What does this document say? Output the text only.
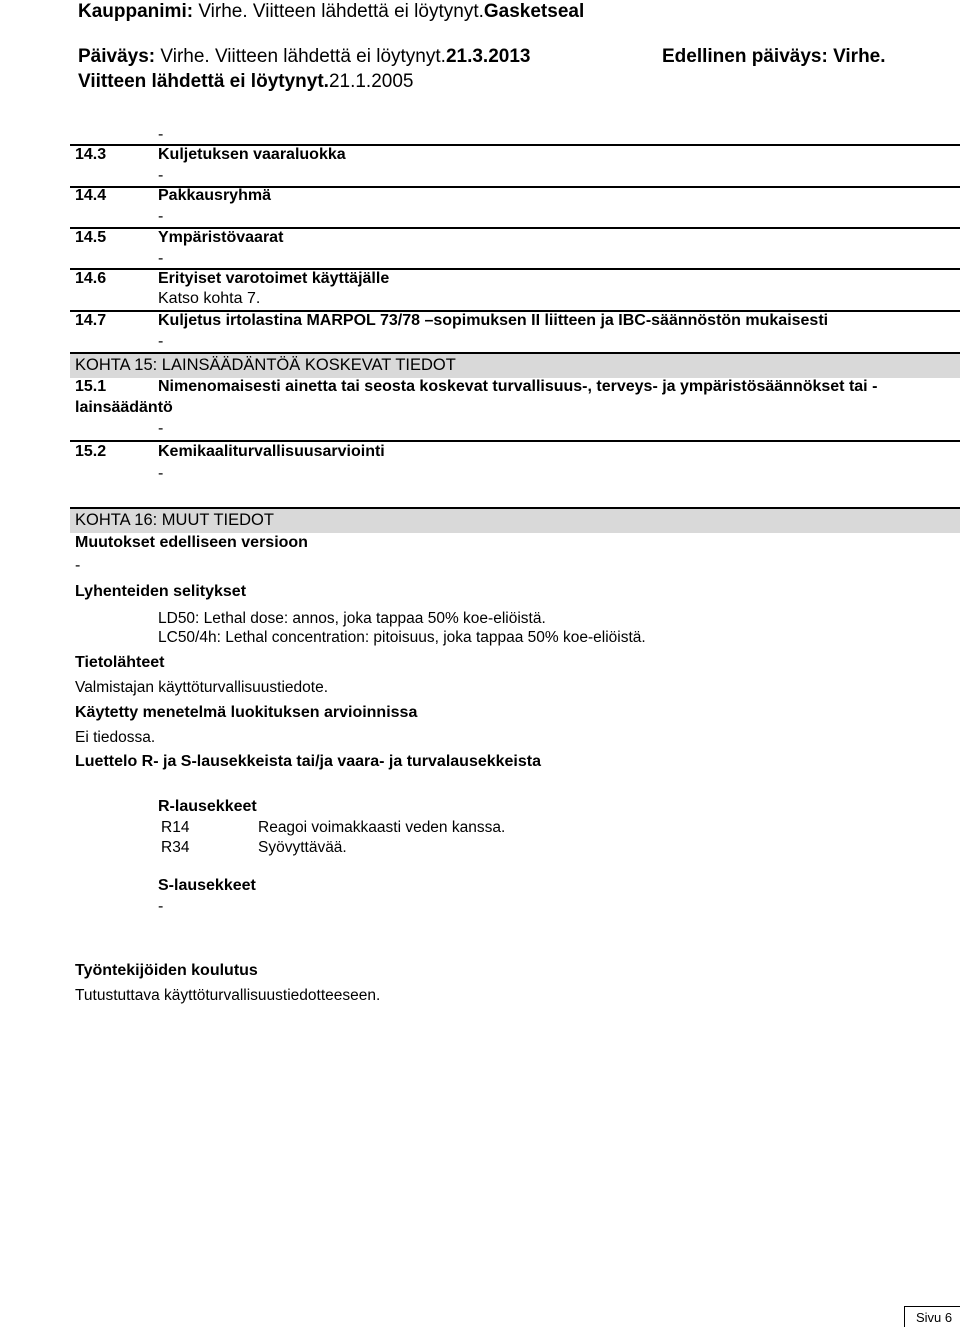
Kauppanimi: Virhe. Viitteen lähdettä ei löytynyt.Gasketseal
Päiväys: Virhe. Viitteen lähdettä ei löytynyt.21.3.2013	Edellinen päiväys: Virhe.
Viitteen lähdettä ei löytynyt.21.1.2005
-
14.3	Kuljetuksen vaaraluokka
-
14.4	Pakkausryhmä
-
14.5	Ympäristövaarat
-
14.6	Erityiset varotoimet käyttäjälle
Katso kohta 7.
14.7	Kuljetus irtolastina MARPOL 73/78 –sopimuksen II liitteen ja IBC-säännöstön mukaisesti
-
KOHTA 15: LAINSÄÄDÄNTÖÄ KOSKEVAT TIEDOT
15.1	Nimenomaisesti ainetta tai seosta koskevat turvallisuus-, terveys- ja ympäristösäännökset tai -
lainsäädäntö
-
15.2	Kemikaaliturvallisuusarviointi
-
KOHTA 16: MUUT TIEDOT
Muutokset edelliseen versioon
-
Lyhenteiden selitykset
LD50: Lethal dose: annos, joka tappaa 50% koe-eliöistä.
LC50/4h: Lethal concentration: pitoisuus, joka tappaa 50% koe-eliöistä.
Tietolähteet
Valmistajan käyttöturvallisuustiedote.
Käytetty menetelmä luokituksen arvioinnissa
Ei tiedossa.
Luettelo R- ja S-lausekkeista tai/ja vaara- ja turvalausekkeista
R-lausekkeet
R14	Reagoi voimakkaasti veden kanssa.
R34	Syövyttävää.
S-lausekkeet
-
Työntekijöiden koulutus
Tutustuttava käyttöturvallisuustiedotteeseen.
Sivu 6
